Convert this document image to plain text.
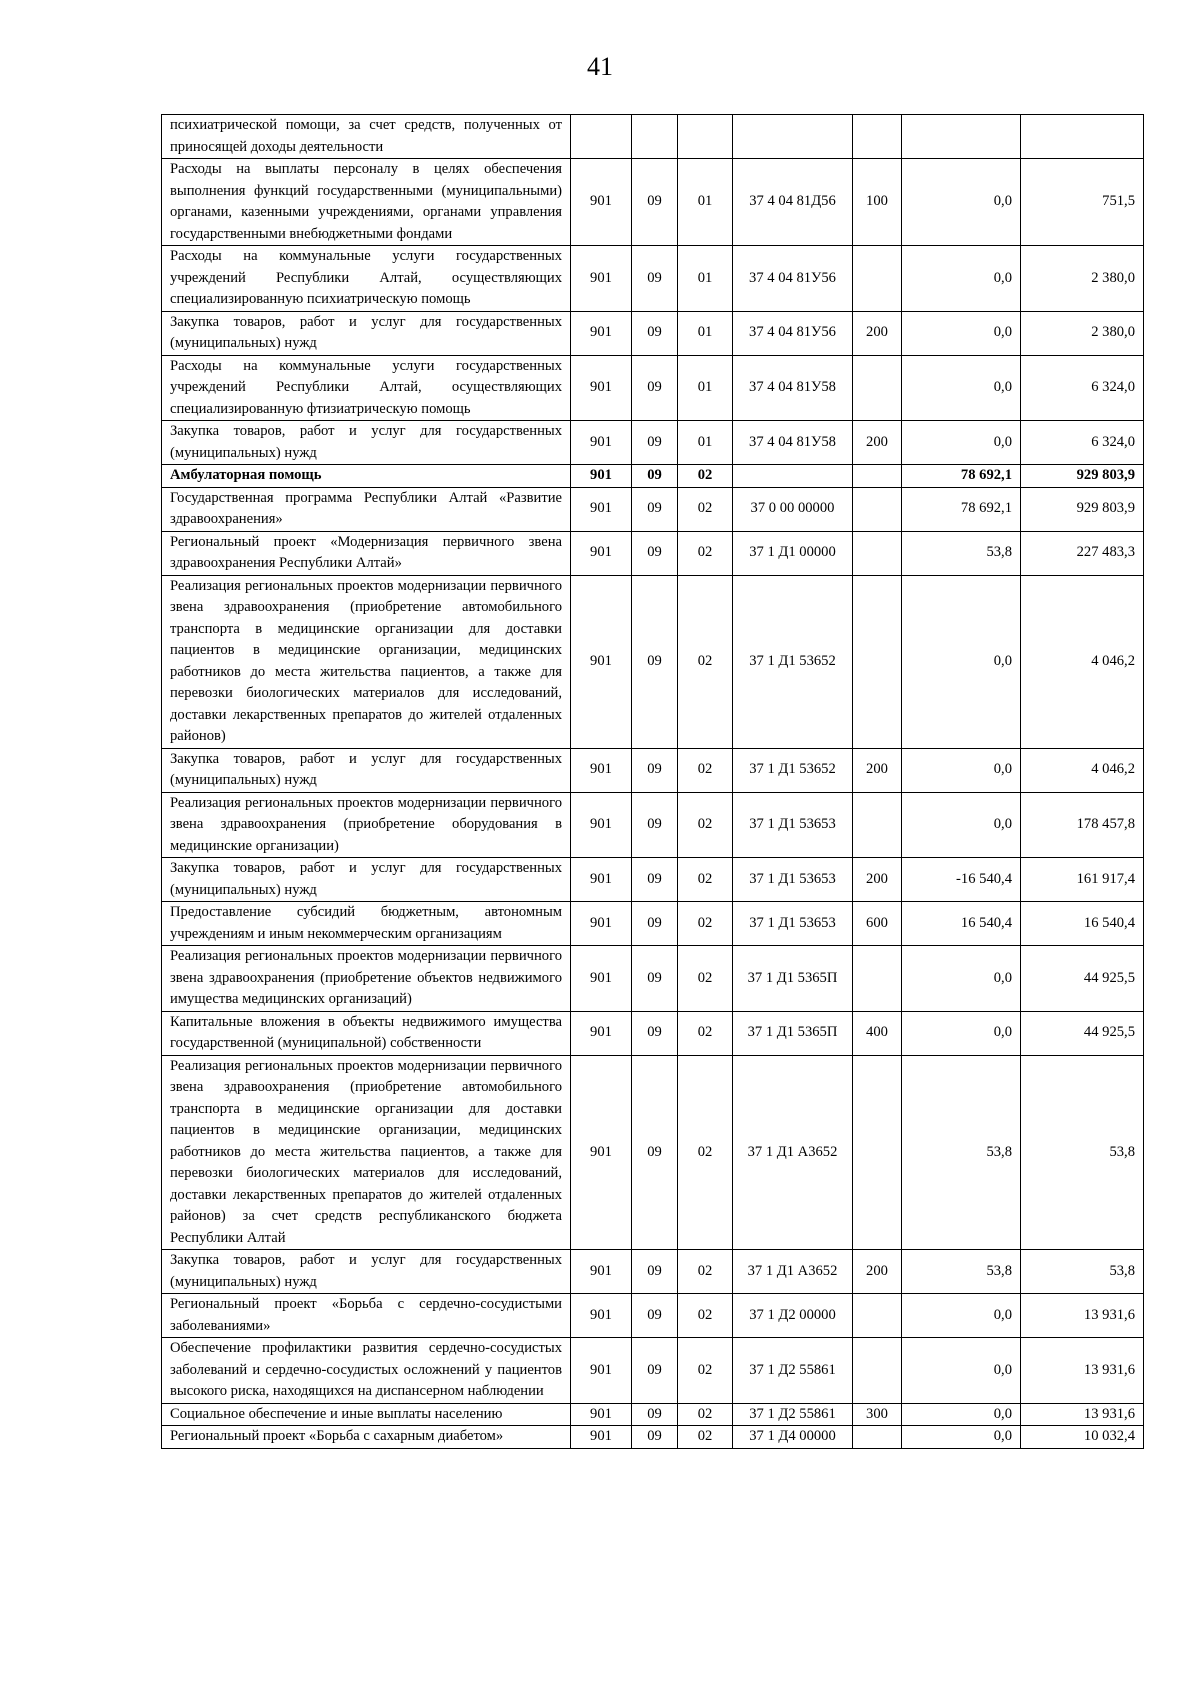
41
психиатрической помощи, за счет средств, полученных от приносящей доходы деятельности							
Расходы на выплаты персоналу в целях обеспечения выполнения функций государственными (муниципальными) органами, казенными учреждениями, органами управления государственными внебюджетными фондами	901	09	01	37 4 04 81Д56	100	0,0	751,5
Расходы на коммунальные услуги государственных учреждений Республики Алтай, осуществляющих специализированную психиатрическую помощь	901	09	01	37 4 04 81У56		0,0	2 380,0
Закупка товаров, работ и услуг для государственных (муниципальных) нужд	901	09	01	37 4 04 81У56	200	0,0	2 380,0
Расходы на коммунальные услуги государственных учреждений Республики Алтай, осуществляющих специализированную фтизиатрическую помощь	901	09	01	37 4 04 81У58		0,0	6 324,0
Закупка товаров, работ и услуг для государственных (муниципальных) нужд	901	09	01	37 4 04 81У58	200	0,0	6 324,0
Амбулаторная помощь	901	09	02			78 692,1	929 803,9
Государственная программа Республики Алтай «Развитие здравоохранения»	901	09	02	37 0 00 00000		78 692,1	929 803,9
Региональный проект «Модернизация первичного звена здравоохранения Республики Алтай»	901	09	02	37 1 Д1 00000		53,8	227 483,3
Реализация региональных проектов модернизации первичного звена здравоохранения (приобретение автомобильного транспорта в медицинские организации для доставки пациентов в медицинские организации, медицинских работников до места жительства пациентов, а также для перевозки биологических материалов для исследований, доставки лекарственных препаратов до жителей отдаленных районов)	901	09	02	37 1 Д1 53652		0,0	4 046,2
Закупка товаров, работ и услуг для государственных (муниципальных) нужд	901	09	02	37 1 Д1 53652	200	0,0	4 046,2
Реализация региональных проектов модернизации первичного звена здравоохранения (приобретение оборудования в медицинские организации)	901	09	02	37 1 Д1 53653		0,0	178 457,8
Закупка товаров, работ и услуг для государственных (муниципальных) нужд	901	09	02	37 1 Д1 53653	200	-16 540,4	161 917,4
Предоставление субсидий бюджетным, автономным учреждениям и иным некоммерческим организациям	901	09	02	37 1 Д1 53653	600	16 540,4	16 540,4
Реализация региональных проектов модернизации первичного звена здравоохранения (приобретение объектов недвижимого имущества медицинских организаций)	901	09	02	37 1 Д1 5365П		0,0	44 925,5
Капитальные вложения в объекты недвижимого имущества государственной (муниципальной) собственности	901	09	02	37 1 Д1 5365П	400	0,0	44 925,5
Реализация региональных проектов модернизации первичного звена здравоохранения (приобретение автомобильного транспорта в медицинские организации для доставки пациентов в медицинские организации, медицинских работников до места жительства пациентов, а также для перевозки биологических материалов для исследований, доставки лекарственных препаратов до жителей отдаленных районов) за счет средств республиканского бюджета Республики Алтай	901	09	02	37 1 Д1 А3652		53,8	53,8
Закупка товаров, работ и услуг для государственных (муниципальных) нужд	901	09	02	37 1 Д1 А3652	200	53,8	53,8
Региональный проект «Борьба с сердечно-сосудистыми заболеваниями»	901	09	02	37 1 Д2 00000		0,0	13 931,6
Обеспечение профилактики развития сердечно-сосудистых заболеваний и сердечно-сосудистых осложнений у пациентов высокого риска, находящихся на диспансерном наблюдении	901	09	02	37 1 Д2 55861		0,0	13 931,6
Социальное обеспечение и иные выплаты населению	901	09	02	37 1 Д2 55861	300	0,0	13 931,6
Региональный проект «Борьба с сахарным диабетом»	901	09	02	37 1 Д4 00000		0,0	10 032,4
